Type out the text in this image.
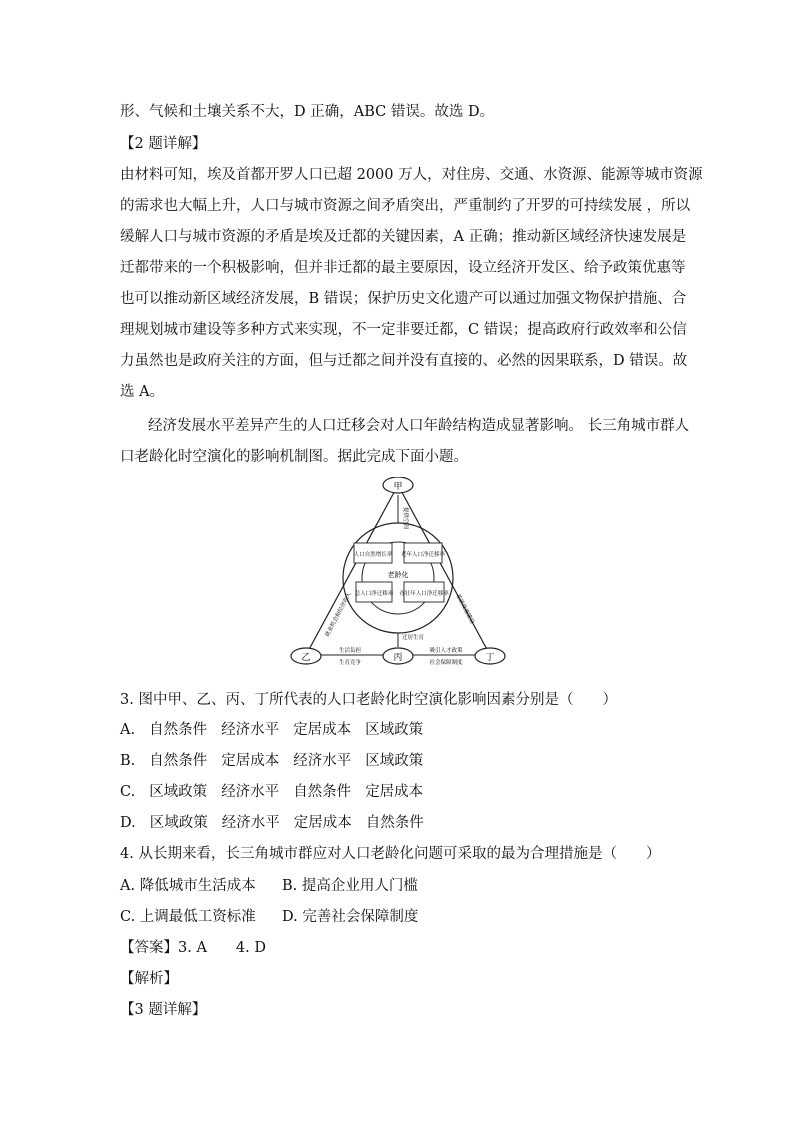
形、气候和土壤关系不大，D 正确，ABC 错误。故选 D。
【2 题详解】
由材料可知，埃及首都开罗人口已超 2000 万人，对住房、交通、水资源、能源等城市资源
的需求也大幅上升，人口与城市资源之间矛盾突出，严重制约了开罗的可持续发展 ，所以
缓解人口与城市资源的矛盾是埃及迁都的关键因素，A 正确；推动新区域经济快速发展是
迁都带来的一个积极影响，但并非迁都的最主要原因，设立经济开发区、给予政策优惠等
也可以推动新区域经济发展，B 错误；保护历史文化遗产可以通过加强文物保护措施、合
理规划城市建设等多种方式来实现，不一定非要迁都，C 错误；提高政府行政效率和公信
力虽然也是政府关注的方面，但与迁都之间并没有直接的、必然的因果联系，D 错误。故
选 A。
经济发展水平差异产生的人口迁移会对人口年龄结构造成显著影响。 长三角城市群人
口老龄化时空演化的影响机制图。据此完成下面小题。
甲
乙	丙	丁
人口自然增长率 老年人口净迁移率
总人口净迁移率 青壮年人口净迁移率
老龄化
提供空间
就业机会和经济收入	基础设施建设
生活负担
生育竞争
迁居生育
吸引人才政策
社会保障制度
3. 图中甲、乙、丙、丁所代表的人口老龄化时空演化影响因素分别是（　　）
A. 自然条件 经济水平 定居成本 区域政策
B. 自然条件 定居成本 经济水平 区域政策
C. 区域政策 经济水平 自然条件 定居成本
D. 区域政策 经济水平 定居成本 自然条件
4. 从长期来看，长三角城市群应对人口老龄化问题可采取的最为合理措施是（　　）
A. 降低城市生活成本 B. 提高企业用人门槛
C. 上调最低工资标准 D. 完善社会保障制度
【答案】3. A　　4. D
【解析】
【3 题详解】
